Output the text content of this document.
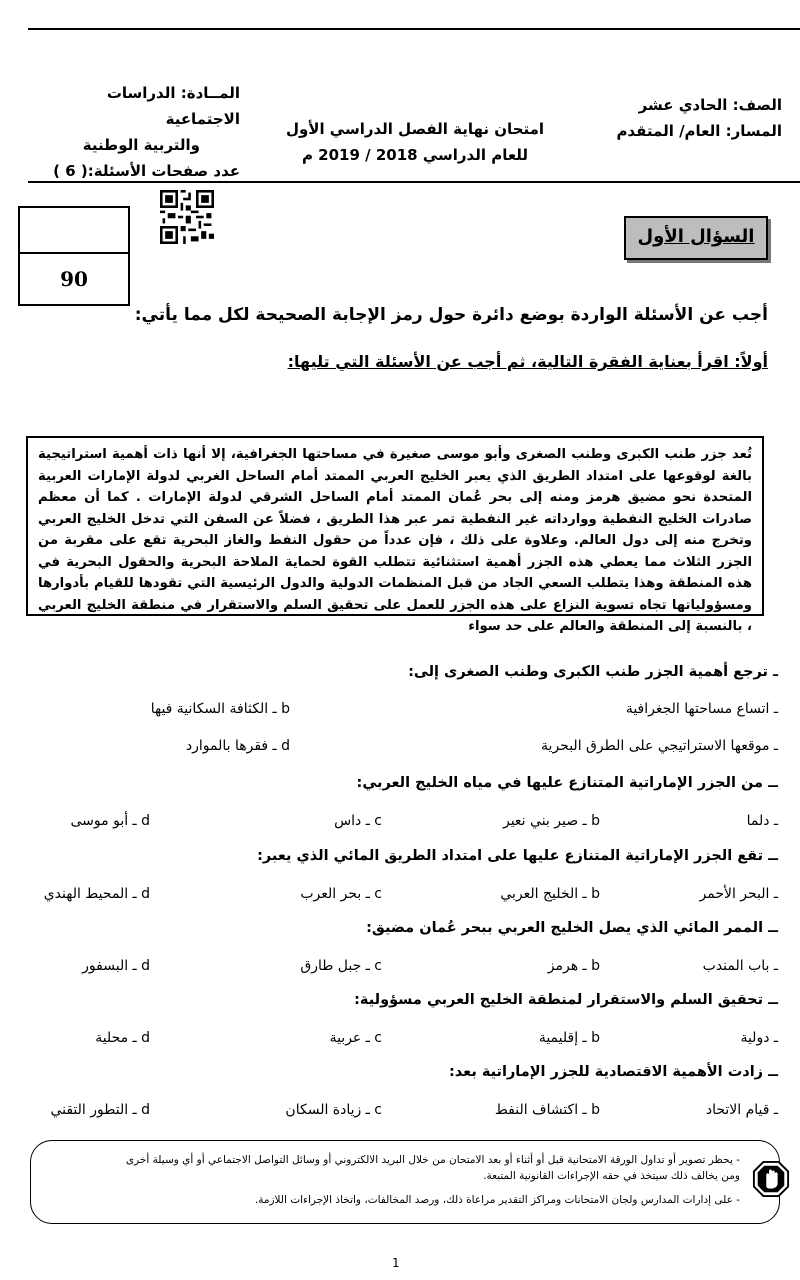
الصف: الحادي عشر
المسار: العام/ المتقدم
امتحان نهاية الفصل الدراسي الأول
للعام الدراسي 2018 / 2019 م
المــادة: الدراسات الاجتماعية
والتربية الوطنية
عدد صفحات الأسئلة:( 6 )
90
السؤال الأول
أجب عن الأسئلة الواردة بوضع دائرة حول رمز الإجابة الصحيحة لكل مما يأتي:
أولاً: اقرأ بعناية الفقرة التالية، ثم أجب عن الأسئلة التي تليها:
تُعد جزر طنب الكبرى وطنب الصغرى وأبو موسى صغيرة في مساحتها الجغرافية، إلا أنها ذات أهمية استراتيجية بالغة لوقوعها على امتداد الطريق الذي يعبر الخليج العربي الممتد أمام الساحل الغربي لدولة الإمارات العربية المتحدة نحو مضيق هرمز ومنه إلى بحر عُمان الممتد أمام الساحل الشرقي لدولة الإمارات . كما أن معظم صادرات الخليج النفطية ووارداته غير النفطية تمر عبر هذا الطريق ، فضلاً عن السفن التي تدخل الخليج العربي وتخرج منه إلى دول العالم. وعلاوة على ذلك ، فإن عدداً من حقول النفط والغاز البحرية تقع على مقربة من الجزر الثلاث مما يعطي هذه الجزر أهمية استثنائية تتطلب القوة لحماية الملاحة البحرية والحقول البحرية في هذه المنطقة وهذا يتطلب السعي الجاد من قبل المنظمات الدولية والدول الرئيسية التي تقودها للقيام بأدوارها ومسؤولياتها تجاه تسوية النزاع على هذه الجزر للعمل على تحقيق السلم والاستقرار في منطقة الخليج العربي ، بالنسبة إلى المنطقة والعالم على حد سواء
ـ ترجع أهمية الجزر طنب الكبرى وطنب الصغرى إلى:
ـ اتساع مساحتها الجغرافية
b ـ الكثافة السكانية فيها
ـ موقعها الاستراتيجي على الطرق البحرية
d ـ فقرها بالموارد
ــ من الجزر الإماراتية المتنازع عليها في مياه الخليج العربي:
ـ دلما
b ـ صير بني نعير
c ـ داس
d ـ أبو موسى
ــ تقع الجزر الإماراتية المتنازع عليها على امتداد الطريق المائي الذي يعبر:
ـ البحر الأحمر
b ـ الخليج العربي
c ـ بحر العرب
d ـ المحيط الهندي
ــ الممر المائي الذي يصل الخليج العربي ببحر عُمان مضيق:
ـ باب المندب
b ـ هرمز
c ـ جبل طارق
d ـ البسفور
ــ تحقيق السلم والاستقرار لمنطقة الخليج العربي مسؤولية:
ـ دولية
b ـ إقليمية
c ـ عربية
d ـ محلية
ــ زادت الأهمية الاقتصادية للجزر الإماراتية بعد:
ـ قيام الاتحاد
b ـ اكتشاف النفط
c ـ زيادة السكان
d ـ التطور التقني
- يحظر تصوير أو تداول الورقة الامتحانية قبل أو أثناء أو بعد الامتحان من خلال البريد الالكتروني أو وسائل التواصل الاجتماعي أو أي وسيلة أخرى
ومن يخالف ذلك سيتخذ في حقه الإجراءات القانونية المتبعة.
- على إدارات المدارس ولجان الامتحانات ومراكز التقدير مراعاة ذلك، ورصد المخالفات، واتخاذ الإجراءات اللازمة.
1
